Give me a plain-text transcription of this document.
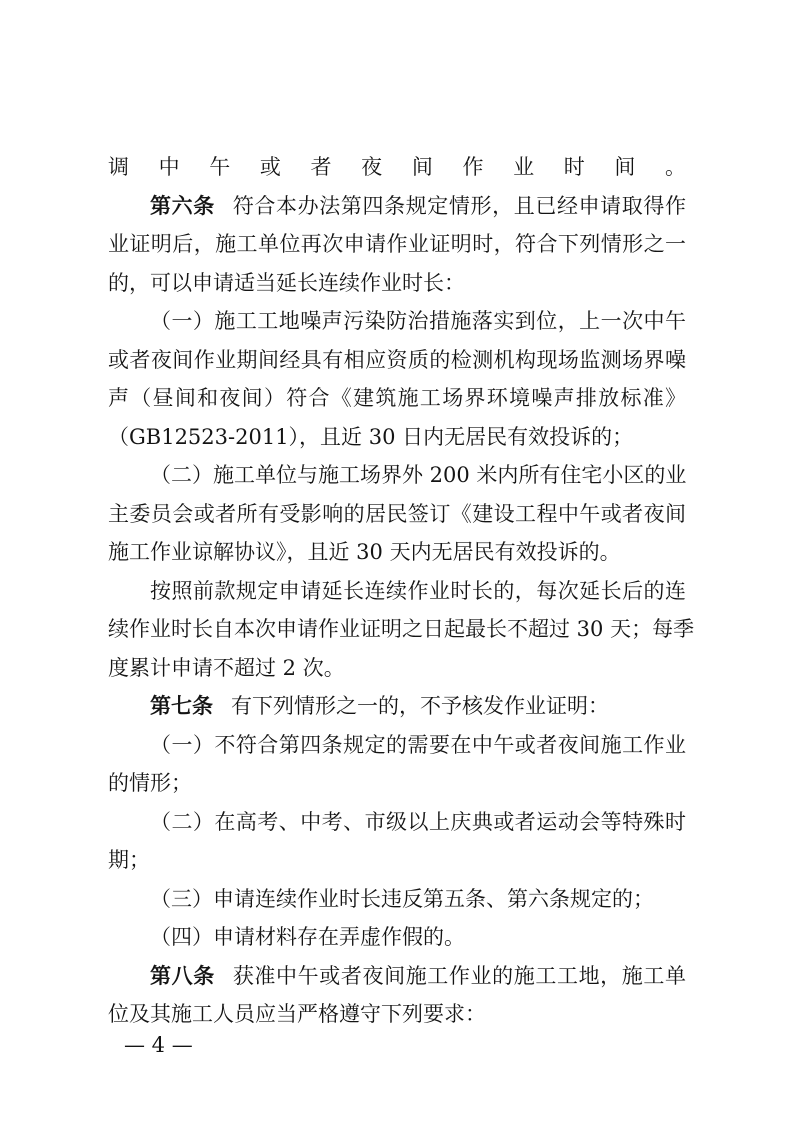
调中午或者夜间作业时间。
第六条 符合本办法第四条规定情形，且已经申请取得作
业证明后，施工单位再次申请作业证明时，符合下列情形之一
的，可以申请适当延长连续作业时长：
（一）施工工地噪声污染防治措施落实到位，上一次中午
或者夜间作业期间经具有相应资质的检测机构现场监测场界噪
声（昼间和夜间）符合《建筑施工场界环境噪声排放标准》
（GB12523-2011），且近 30 日内无居民有效投诉的；
（二）施工单位与施工场界外 200 米内所有住宅小区的业
主委员会或者所有受影响的居民签订《建设工程中午或者夜间
施工作业谅解协议》，且近 30 天内无居民有效投诉的。
按照前款规定申请延长连续作业时长的，每次延长后的连
续作业时长自本次申请作业证明之日起最长不超过 30 天；每季
度累计申请不超过 2 次。
第七条 有下列情形之一的，不予核发作业证明：
（一）不符合第四条规定的需要在中午或者夜间施工作业
的情形；
（二）在高考、中考、市级以上庆典或者运动会等特殊时
期；
（三）申请连续作业时长违反第五条、第六条规定的；
（四）申请材料存在弄虚作假的。
第八条 获准中午或者夜间施工作业的施工工地，施工单
位及其施工人员应当严格遵守下列要求：
— 4 —
